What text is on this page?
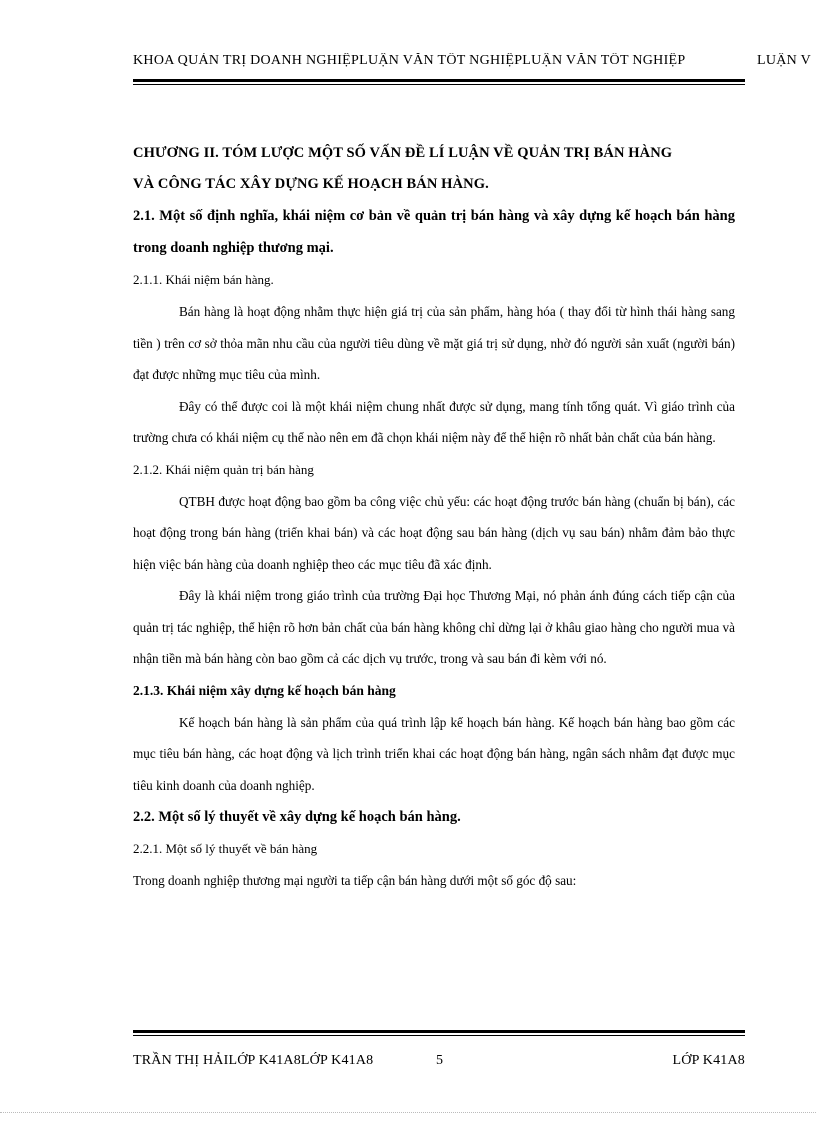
KHOA QUẢN TRỊ DOANH NGHIỆPLUẬN VĂN TỐT NGHIỆPLUẬN VĂN TỐT NGHIỆP	LUẬN V

CHƯƠNG II. TÓM LƯỢC MỘT SỐ VẤN ĐỀ LÍ LUẬN VỀ QUẢN TRỊ BÁN HÀNG

VÀ CÔNG TÁC XÂY DỰNG KẾ HOẠCH BÁN HÀNG.

2.1. Một số định nghĩa, khái niệm cơ bản về quản trị bán hàng và xây dựng kế hoạch bán hàng trong doanh nghiệp thương mại.

2.1.1. Khái niệm bán hàng.

Bán hàng là hoạt động nhằm thực hiện giá trị của sản phẩm, hàng hóa ( thay đổi từ hình thái hàng sang tiền ) trên cơ sở thỏa mãn nhu cầu của người tiêu dùng về mặt giá trị sử dụng, nhờ đó người sản xuất (người bán) đạt được những mục tiêu của mình.

Đây có thể được coi là một khái niệm chung nhất được sử dụng, mang tính tổng quát. Vì giáo trình của trường chưa có khái niệm cụ thể nào nên em đã chọn khái niệm này để thể hiện rõ nhất bản chất của bán hàng.

2.1.2. Khái niệm quản trị bán hàng

QTBH được hoạt động bao gồm ba công việc chủ yếu: các hoạt động trước bán hàng (chuẩn bị bán), các hoạt động trong bán hàng (triển khai bán) và các hoạt động sau bán hàng (dịch vụ sau bán) nhằm đảm bảo thực hiện việc bán hàng của doanh nghiệp theo các mục tiêu đã xác định.

Đây là khái niệm trong giáo trình của trường Đại học Thương Mại, nó phản ánh đúng cách tiếp cận của quản trị tác nghiệp, thể hiện rõ hơn bản chất của bán hàng không chỉ dừng lại ở khâu giao hàng cho người mua và nhận tiền mà bán hàng còn bao gồm cả các dịch vụ trước, trong và sau bán đi kèm với nó.

2.1.3. Khái niệm xây dựng kế hoạch bán hàng

Kế hoạch bán hàng là sản phẩm của quá trình lập kế hoạch bán hàng. Kế hoạch bán hàng bao gồm các mục tiêu bán hàng, các hoạt động và lịch trình triển khai các hoạt động bán hàng, ngân sách nhằm đạt được mục tiêu kinh doanh của doanh nghiệp.

2.2. Một số lý thuyết về xây dựng kế hoạch bán hàng.

2.2.1. Một số lý thuyết về bán hàng

Trong doanh nghiệp thương mại người ta tiếp cận bán hàng dưới một số góc độ sau:

TRẦN THỊ HẢILỚP K41A8LỚP K41A8	5	LỚP K41A8
